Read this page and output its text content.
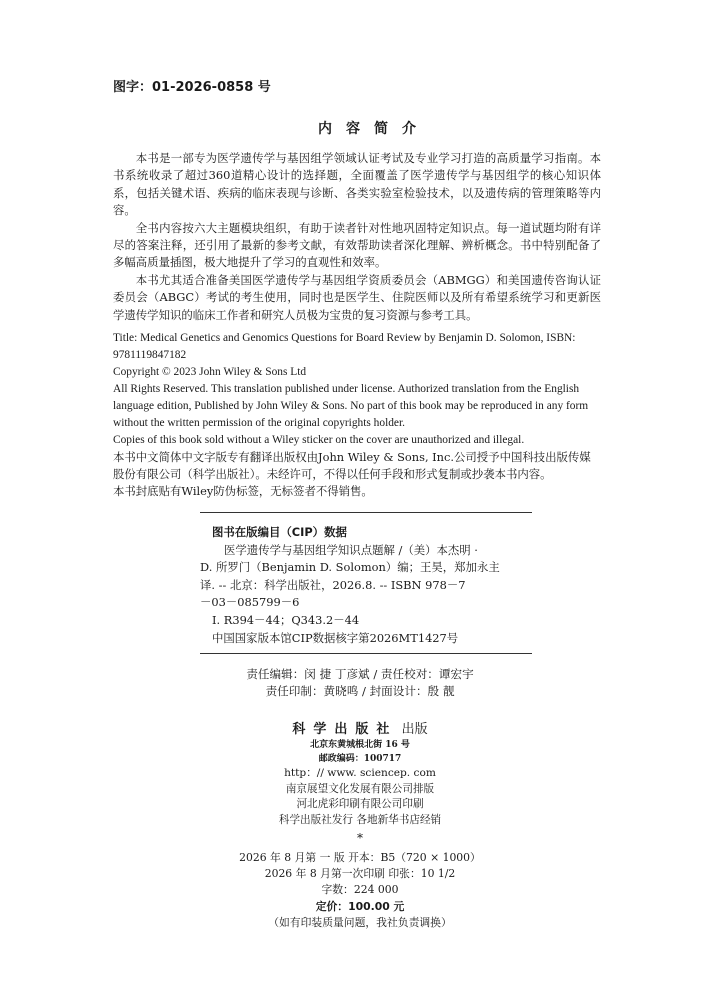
图字：01-2026-0858 号
内容简介

本书是一部专为医学遗传学与基因组学领域认证考试及专业学习打造的高质量学习指南。本书系统收录了超过360道精心设计的选择题，全面覆盖了医学遗传学与基因组学的核心知识体系，包括关键术语、疾病的临床表现与诊断、各类实验室检验技术，以及遗传病的管理策略等内容。

全书内容按六大主题模块组织，有助于读者针对性地巩固特定知识点。每一道试题均附有详尽的答案注释，还引用了最新的参考文献，有效帮助读者深化理解、辨析概念。书中特别配备了多幅高质量插图，极大地提升了学习的直观性和效率。

本书尤其适合准备美国医学遗传学与基因组学资质委员会（ABMGG）和美国遗传咨询认证委员会（ABGC）考试的考生使用，同时也是医学生、住院医师以及所有希望系统学习和更新医学遗传学知识的临床工作者和研究人员极为宝贵的复习资源与参考工具。

Title: Medical Genetics and Genomics Questions for Board Review by Benjamin D. Solomon, ISBN: 9781119847182

Copyright © 2023 John Wiley & Sons Ltd

All Rights Reserved. This translation published under license. Authorized translation from the English language edition, Published by John Wiley & Sons. No part of this book may be reproduced in any form without the written permission of the original copyrights holder.

Copies of this book sold without a Wiley sticker on the cover are unauthorized and illegal.

本书中文简体中文字版专有翻译出版权由John Wiley & Sons, Inc.公司授予中国科技出版传媒股份有限公司（科学出版社）。未经许可，不得以任何手段和形式复制或抄袭本书内容。

本书封底贴有Wiley防伪标签，无标签者不得销售。

图书在版编目（CIP）数据
医学遗传学与基因组学知识点题解 /（美）本杰明 ·
D. 所罗门（Benjamin D. Solomon）编；王昊，郑加永主
译. -- 北京：科学出版社，2026.8. -- ISBN 978－7
－03－085799－6
Ⅰ. R394－44；Q343.2－44
中国国家版本馆CIP数据核字第2026MT1427号
责任编辑：闵 捷 丁彦斌 / 责任校对：谭宏宇
责任印制：黄晓鸣 / 封面设计：殷 靓
科学出版社 出版
北京东黄城根北街 16 号
邮政编码：100717
http：// www. sciencep. com
南京展望文化发展有限公司排版
河北虎彩印刷有限公司印刷
科学出版社发行 各地新华书店经销
*
2026 年 8 月第 一 版 开本：B5（720 × 1000）
2026 年 8 月第一次印刷 印张：10 1/2
字数：224 000
定价：100.00 元
（如有印装质量问题，我社负责调换）
